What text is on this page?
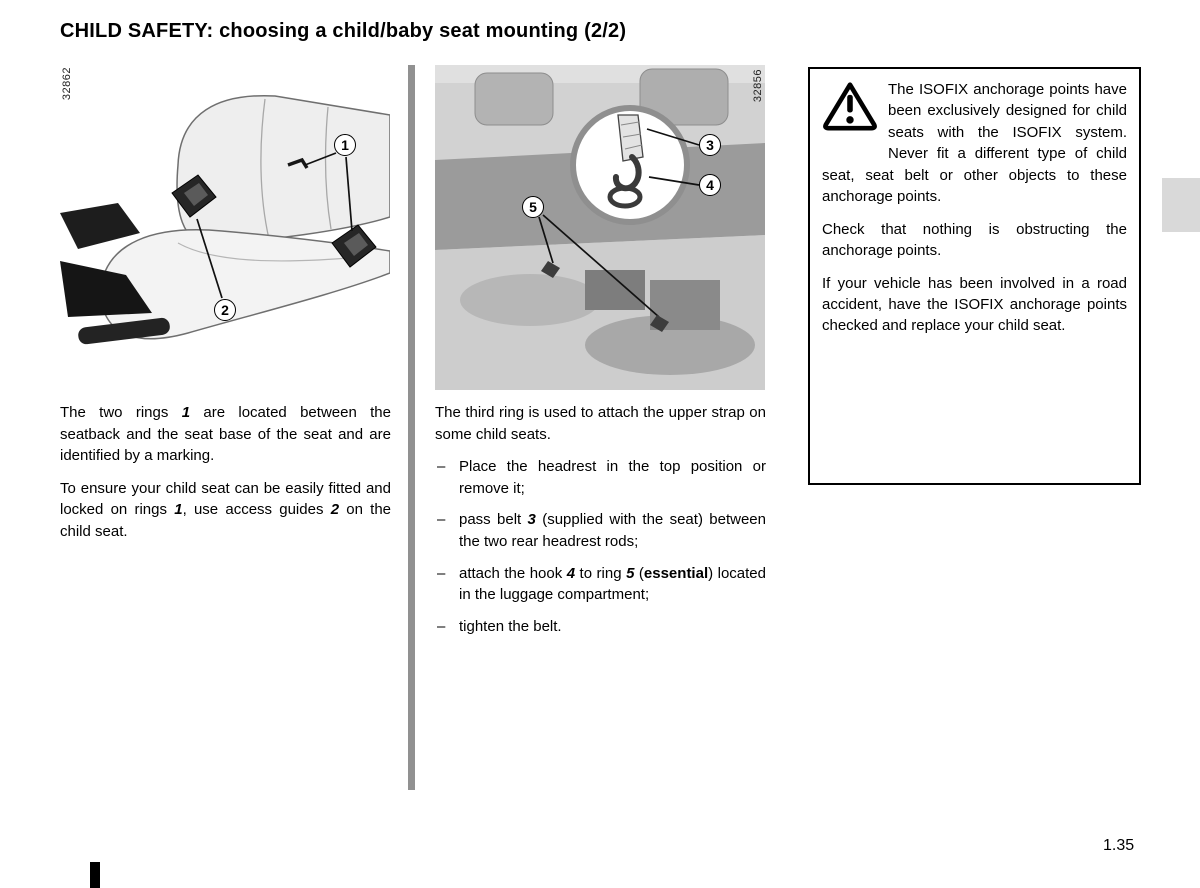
CHILD SAFETY: choosing a child/baby seat mounting (2/2)
32862
1
2
32856
3
4
5

The two rings 1 are located between the seatback and the seat base of the seat and are identified by a marking.

To ensure your child seat can be easily fitted and locked on rings 1, use access guides 2 on the child seat.

The third ring is used to attach the upper strap on some child seats.

– Place the headrest in the top position or remove it;
– pass belt 3 (supplied with the seat) between the two rear headrest rods;
– attach the hook 4 to ring 5 (essential) located in the luggage compartment;
– tighten the belt.

The ISOFIX anchorage points have been exclusively designed for child seats with the ISOFIX system. Never fit a different type of child seat, seat belt or other objects to these anchorage points.

Check that nothing is obstructing the anchorage points.

If your vehicle has been involved in a road accident, have the ISOFIX anchorage points checked and replace your child seat.

1.35
